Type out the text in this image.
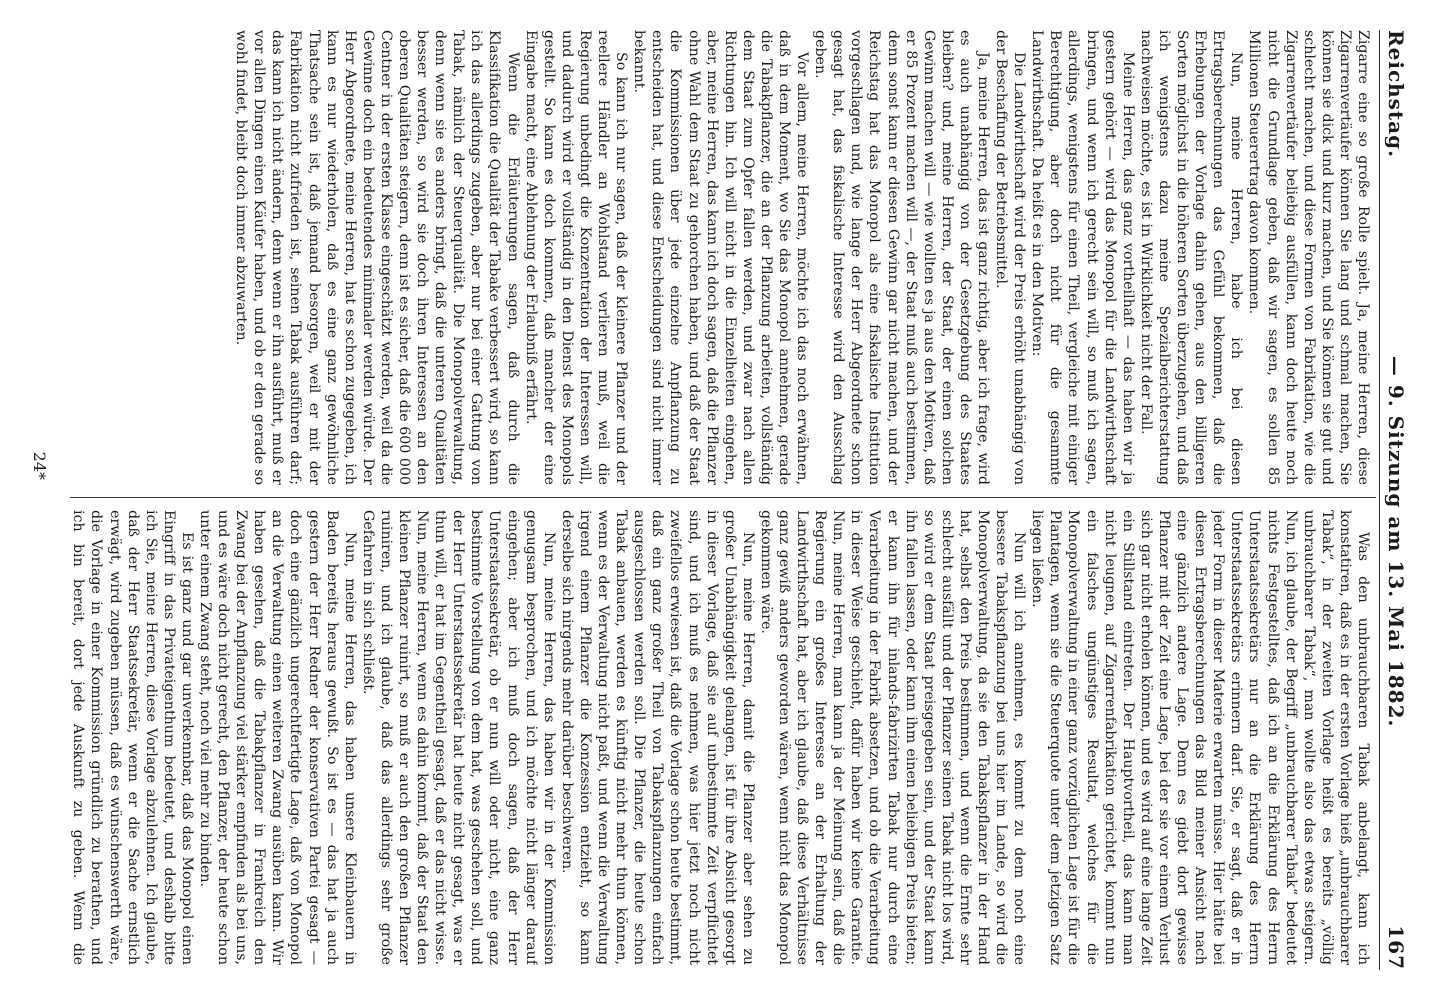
Reichstag.
— 9. Sitzung am 13. Mai 1882.
167

Zigarre eine so große Rolle spielt. Ja, meine Herren, diese Zigarrenvertäufer können Sie lang und schmal machen, Sie können sie dick und kurz machen, und Sie können sie gut und schlecht machen, und diese Formen von Fabrikation, wie die Zigarrenvertäufer beliebig ausfüllen, kann doch heute noch nicht die Grundlage geben, daß wir sagen, es sollen 85 Millionen Steuerertrag davon kommen.

Nun, meine Herren, habe ich bei diesen Ertragsberechnungen das Gefühl bekommen, daß die Erhebungen der Vorlage dahin gehen, aus den billigeren Sorten möglichst in die höheren Sorten überzugehen, und daß ich wenigstens dazu meine Spezialberichterstattung nachweisen möchte, es ist in Wirklichkeit nicht der Fall.

Meine Herren, das ganz vortheilhaft — das haben wir ja gestern gehört — wird das Monopol für die Landwirthschaft bringen, und wenn ich gerecht sein will, so muß ich sagen, allerdings, wenigstens für einen Theil, vergleiche mit einiger Berechtigung, aber doch nicht für die gesammte Landwirthschaft. Da heißt es in den Motiven:

Die Landwirthschaft wird der Preis erhöht unabhängig von der Beschaffung der Betriebsmittel.

Ja, meine Herren, das ist ganz richtig, aber ich frage, wird es auch unabhängig von der Gesetzgebung des Staates bleiben? und, meine Herren, der Staat, der einen solchen Gewinn machen will — wie wollten es ja aus den Motiven, daß er 85 Prozent machen will —, der Staat muß auch bestimmen, denn sonst kann er diesen Gewinn gar nicht machen, und der Reichstag hat das Monopol als eine fiskalische Institution vorgeschlagen und, wie lange der Herr Abgeordnete schon gesagt hat, das fiskalische Interesse wird den Ausschlag geben.

Vor allem, meine Herren, möchte ich das noch erwähnen, daß in dem Moment, wo Sie das Monopol annehmen, gerade die Tabakpflanzer, die an der Pflanzung arbeiten, vollständig dem Staat zum Opfer fallen werden, und zwar nach allen Richtungen hin. Ich will nicht in die Einzelheiten eingehen, aber, meine Herren, das kann ich doch sagen, daß die Pflanzer ohne Wahl dem Staat zu gehorchen haben, und daß der Staat die Kommissionen über jede einzelne Anpflanzung zu entscheiden hat, und diese Entscheidungen sind nicht immer bekannt.

So kann ich nur sagen, daß der kleinere Pflanzer und der reellere Händler an Wohlstand verlieren muß, weil die Regierung unbedingt die Konzentration der Interessen will, und dadurch wird er vollständig in den Dienst des Monopols gestellt. So kann es doch kommen, daß mancher der eine Eingabe macht, eine Ablehnung der Erlaubniß erfährt.

Wenn die Erläuterungen sagen, daß durch die Klassifikation die Qualität der Tabake verbessert wird, so kann ich das allerdings zugeben, aber nur bei einer Gattung von Tabak, nämlich der Steuerqualität. Die Monopolverwaltung, denn wenn sie es anders bringt, daß die unteren Qualitäten besser werden, so wird sie doch ihren Interessen an den oberen Qualitäten steigern, denn ist es sicher, daß die 600 000 Centner in der ersten Klasse eingeschätzt werden, weil da die Gewinne doch ein bedeutendes minimaler werden würde. Der Herr Abgeordnete, meine Herren, hat es schon zugegeben, ich kann es nur wiederholen, daß es eine ganz gewöhnliche Thatsache sein ist, daß jemand besorgen, weil er mit der Fabrikation nicht zufrieden ist, seinen Tabak ausführen darf; das kann ich nicht ändern, denn wenn er ihn ausführt, muß er vor allen Dingen einen Käufer haben, und ob er den gerade so wohl findet, bleibt doch immer abzuwarten.

Was den unbrauchbaren Tabak anbelangt, kann ich konstatiren, daß es in der ersten Vorlage hieß „unbrauchbarer Tabak“, in der zweiten Vorlage heißt es bereits „völlig unbrauchbarer Tabak“, man wollte also das etwas steigern. Nun, ich glaube, der Begriff „unbrauchbarer Tabak“ bedeutet nichts Festgestelltes, daß ich an die Erklärung des Herrn Unterstaatssekretärs nur an die Erklärung des Herrn Unterstaatssekretärs erinnern darf. Sie, er sagt, daß er in jeder Form in dieser Materie erwarten müsse. Hier hätte bei diesen Ertragsberechnungen das Bild meiner Ansicht nach eine gänzlich andere Lage. Denn es giebt dort gewisse Pflanzer mit der Zeit eine Lage, bei der sie vor einem Verlust sich gar nicht erholen können, und es wird auf eine lange Zeit ein Stillstand eintreten. Der Hauptvortheil, das kann man nicht leugnen, auf Zigarrenfabrikation gerichtet, kommt nun ein falsches ungünstiges Resultat, welches für die Monopolverwaltung in einer ganz vorzüglichen Lage ist für die Plantagen, wenn sie die Steuerquote unter dem jetzigen Satz liegen ließen.

Nun will ich annehmen, es kommt zu dem noch eine bessere Tabakspflanzung bei uns hier im Lande, so wird die Monopolverwaltung, da sie den Tabakspflanzer in der Hand hat, selbst den Preis bestimmen, und wenn die Ernte sehr schlecht ausfällt und der Pflanzer seinen Tabak nicht los wird, so wird er dem Staat preisgegeben sein, und der Staat kann ihn fallen lassen, oder kann ihm einen beliebigen Preis bieten; er kann ihn für inlands-fabrizirten Tabak nur durch eine Verarbeitung in der Fabrik absetzen, und ob die Verarbeitung in dieser Weise geschieht, dafür haben wir keine Garantie. Nun, meine Herren, man kann ja der Meinung sein, daß die Regierung ein großes Interesse an der Erhaltung der Landwirthschaft hat, aber ich glaube, daß diese Verhältnisse ganz gewiß anders geworden wären, wenn nicht das Monopol gekommen wäre.

Nun, meine Herren, damit die Pflanzer aber sehen zu großer Unabhängigkeit gelangen, ist für ihre Absicht gesorgt in dieser Vorlage, daß sie auf unbestimmte Zeit verpflichtet sind, und ich muß es nehmen, was hier jetzt noch nicht zweifellos erwiesen ist, daß die Vorlage schon heute bestimmt, daß ein ganz großer Theil von Tabakspflanzungen einfach ausgeschlossen werden soll. Die Pflanzer, die heute schon Tabak anbauen, werden es künftig nicht mehr thun können, wenn es der Verwaltung nicht paßt, und wenn die Verwaltung irgend einem Pflanzer die Konzession entzieht, so kann derselbe sich nirgends mehr darüber beschweren.

Nun, meine Herren, das haben wir in der Kommission genugsam besprochen, und ich möchte nicht länger darauf eingehen; aber ich muß doch sagen, daß der Herr Unterstaatssekretär, ob er nun will oder nicht, eine ganz bestimmte Vorstellung von dem hat, was geschehen soll, und der Herr Unterstaatssekretär hat heute nicht gesagt, was er thun will, er hat im Gegentheil gesagt, daß er das nicht wisse. Nun, meine Herren, wenn es dahin kommt, daß der Staat den kleinen Pflanzer ruinirt, so muß er auch den großen Pflanzer ruiniren, und ich glaube, daß das allerdings sehr große Gefahren in sich schließt.

Nun, meine Herren, das haben unsere Kleinbauern in Baden bereits heraus gewußt. So ist es — das hat ja auch gestern der Herr Redner der konservativen Partei gesagt — doch eine gänzlich ungerechtfertigte Lage, daß von Monopol an die Verwaltung einen weiteren Zwang ausüben kann. Wir haben gesehen, daß die Tabakpflanzer in Frankreich den Zwang bei der Anpflanzung viel stärker empfinden als bei uns, und es wäre doch nicht gerecht, den Pflanzer, der heute schon unter einem Zwang steht, noch viel mehr zu binden.

Es ist ganz und gar unverkennbar, daß das Monopol einen Eingriff in das Privateigenthum bedeutet, und deshalb bitte ich Sie, meine Herren, diese Vorlage abzulehnen. Ich glaube, daß der Herr Staatssekretär, wenn er die Sache ernstlich erwägt, wird zugeben müssen, daß es wünschenswerth wäre, die Vorlage in einer Kommission gründlich zu berathen, und ich bin bereit, dort jede Auskunft zu geben. Wenn die

24*
